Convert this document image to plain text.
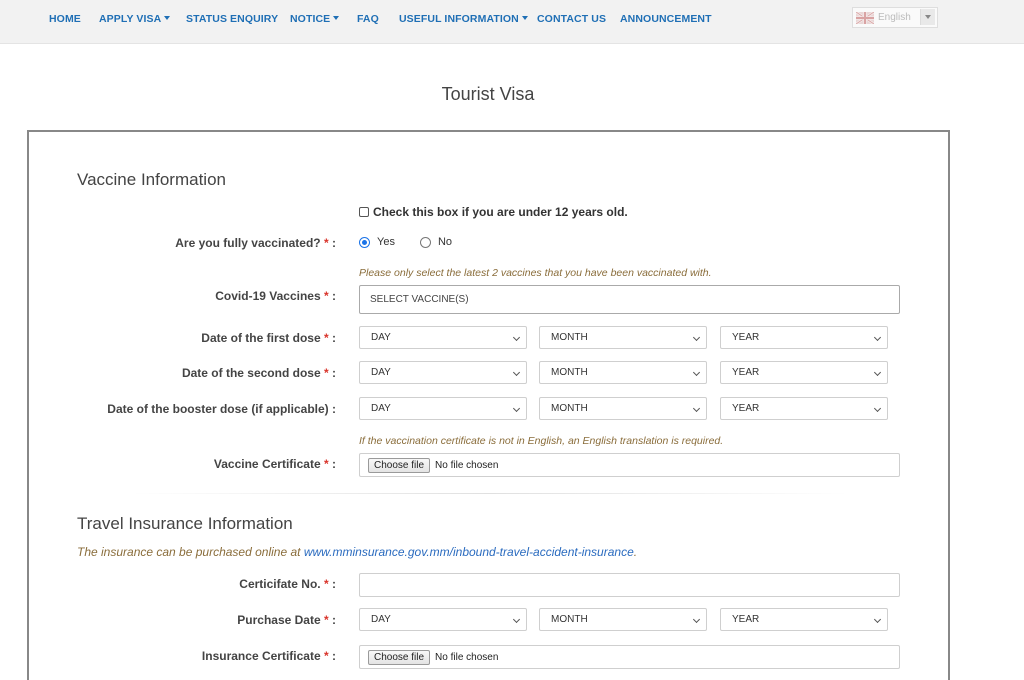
HOME APPLY VISA	STATUS ENQUIRY NOTICE	FAQ USEFUL INFORMATION	CONTACT US ANNOUNCEMENT	English
Tourist Visa
Vaccine Information
Check this box if you are under 12 years old.
Are you fully vaccinated? * :	Yes	No
Please only select the latest 2 vaccines that you have been vaccinated with.
Covid-19 Vaccines * :	SELECT VACCINE(S)
Date of the first dose * :	DAY	MONTH	YEAR
Date of the second dose * :	DAY	MONTH	YEAR
Date of the booster dose (if applicable) :	DAY	MONTH	YEAR
If the vaccination certificate is not in English, an English translation is required.
Vaccine Certificate * :	Choose file	No file chosen
Travel Insurance Information
The insurance can be purchased online at www.mminsurance.gov.mm/inbound-travel-accident-insurance.
Certicifate No. * :
Purchase Date * :	DAY	MONTH	YEAR
Insurance Certificate * :	Choose file	No file chosen
